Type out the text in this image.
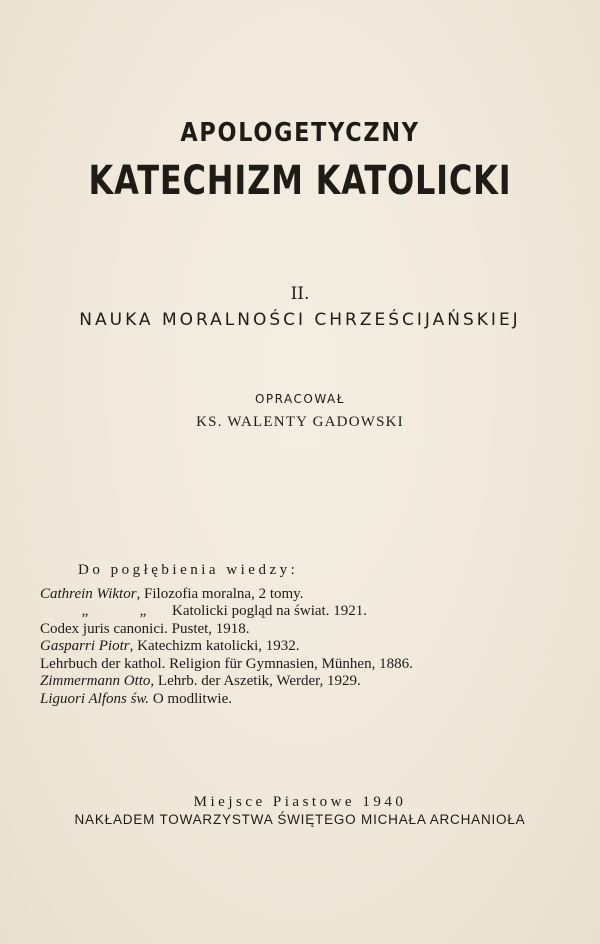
APOLOGETYCZNY
KATECHIZM KATOLICKI
II.
NAUKA MORALNOŚCI CHRZEŚCIJAŃSKIEJ
OPRACOWAŁ
KS. WALENTY GADOWSKI
Do pogłębienia wiedzy:
Cathrein Wiktor, Filozofia moralna, 2 tomy.
„	„ Katolicki pogląd na świat. 1921.
Codex juris canonici. Pustet, 1918.
Gasparri Piotr, Katechizm katolicki, 1932.
Lehrbuch der kathol. Religion für Gymnasien, Münhen, 1886.
Zimmermann Otto, Lehrb. der Aszetik, Werder, 1929.
Liguori Alfons św. O modlitwie.
Miejsce Piastowe 1940
NAKŁADEM TOWARZYSTWA ŚWIĘTEGO MICHAŁA ARCHANIOŁA
